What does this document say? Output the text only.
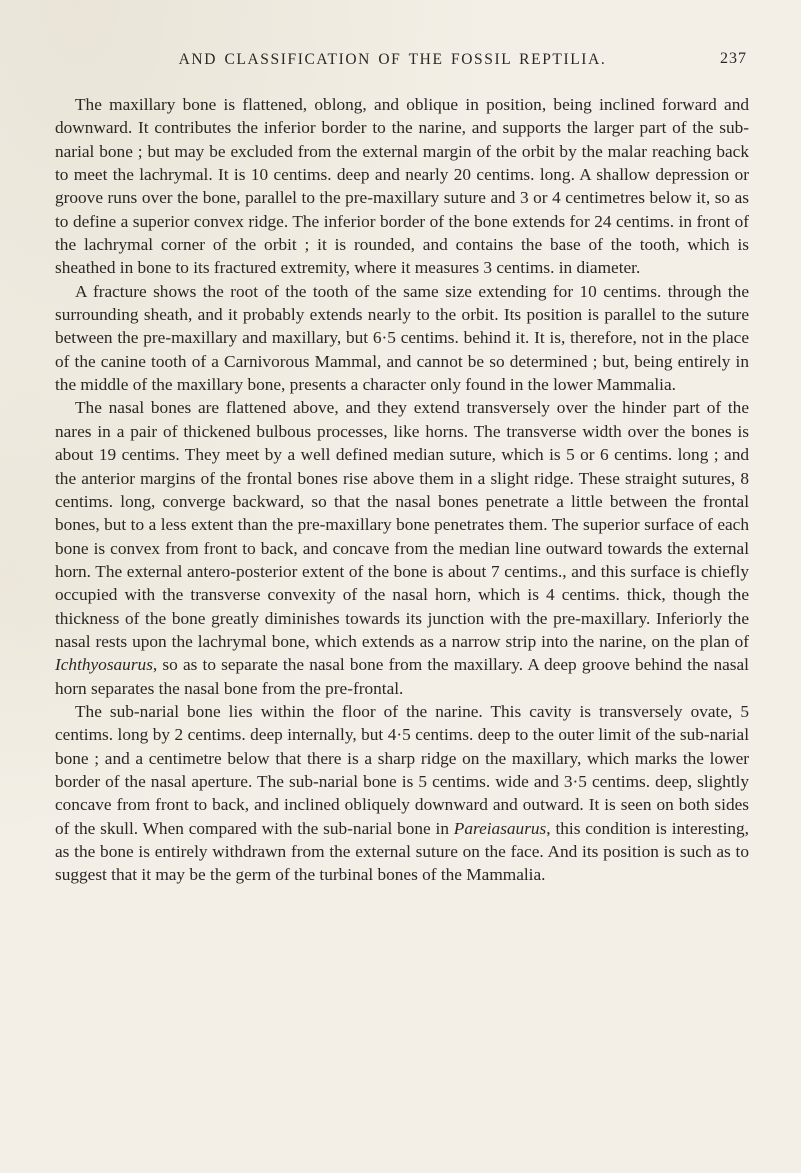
AND CLASSIFICATION OF THE FOSSIL REPTILIA.	237

The maxillary bone is flattened, oblong, and oblique in position, being inclined forward and downward. It contributes the inferior border to the narine, and supports the larger part of the sub-narial bone ; but may be excluded from the external margin of the orbit by the malar reaching back to meet the lachrymal. It is 10 centims. deep and nearly 20 centims. long. A shallow depression or groove runs over the bone, parallel to the pre-maxillary suture and 3 or 4 centimetres below it, so as to define a superior convex ridge. The inferior border of the bone extends for 24 centims. in front of the lachrymal corner of the orbit ; it is rounded, and contains the base of the tooth, which is sheathed in bone to its fractured extremity, where it measures 3 centims. in diameter.

A fracture shows the root of the tooth of the same size extending for 10 centims. through the surrounding sheath, and it probably extends nearly to the orbit. Its position is parallel to the suture between the pre-maxillary and maxillary, but 6·5 centims. behind it. It is, therefore, not in the place of the canine tooth of a Carnivorous Mammal, and cannot be so determined ; but, being entirely in the middle of the maxillary bone, presents a character only found in the lower Mammalia.

The nasal bones are flattened above, and they extend transversely over the hinder part of the nares in a pair of thickened bulbous processes, like horns. The transverse width over the bones is about 19 centims. They meet by a well defined median suture, which is 5 or 6 centims. long ; and the anterior margins of the frontal bones rise above them in a slight ridge. These straight sutures, 8 centims. long, converge backward, so that the nasal bones penetrate a little between the frontal bones, but to a less extent than the pre-maxillary bone penetrates them. The superior surface of each bone is convex from front to back, and concave from the median line outward towards the external horn. The external antero-posterior extent of the bone is about 7 centims., and this surface is chiefly occupied with the transverse convexity of the nasal horn, which is 4 centims. thick, though the thickness of the bone greatly diminishes towards its junction with the pre-maxillary. Inferiorly the nasal rests upon the lachrymal bone, which extends as a narrow strip into the narine, on the plan of Ichthyosaurus, so as to separate the nasal bone from the maxillary. A deep groove behind the nasal horn separates the nasal bone from the pre-frontal.

The sub-narial bone lies within the floor of the narine. This cavity is transversely ovate, 5 centims. long by 2 centims. deep internally, but 4·5 centims. deep to the outer limit of the sub-narial bone ; and a centimetre below that there is a sharp ridge on the maxillary, which marks the lower border of the nasal aperture. The sub-narial bone is 5 centims. wide and 3·5 centims. deep, slightly concave from front to back, and inclined obliquely downward and outward. It is seen on both sides of the skull. When compared with the sub-narial bone in Pareiasaurus, this condition is interesting, as the bone is entirely withdrawn from the external suture on the face. And its position is such as to suggest that it may be the germ of the turbinal bones of the Mammalia.
